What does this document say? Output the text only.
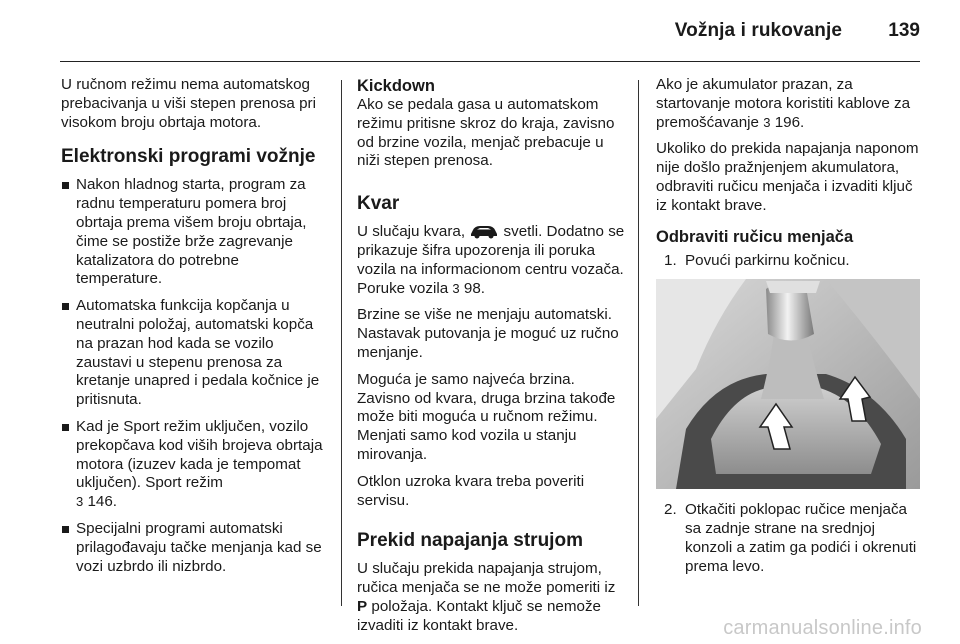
Vožnja i rukovanje 139

U ručnom režimu nema automatskog prebacivanja u viši stepen prenosa pri visokom broju obrtaja motora.

Elektronski programi vožnje
Nakon hladnog starta, program za radnu temperaturu pomera broj obrtaja prema višem broju obrtaja, čime se postiže brže zagrevanje katalizatora do potrebne temperature.
Automatska funkcija kopčanja u neutralni položaj, automatski kopča na prazan hod kada se vozilo zaustavi u stepenu prenosa za kretanje unapred i pedala kočnice je pritisnuta.
Kad je Sport režim uključen, vozilo prekopčava kod viših brojeva obrtaja motora (izuzev kada je tempomat uključen). Sport režim
3 146.
Specijalni programi automatski prilagođavaju tačke menjanja kad se vozi uzbrdo ili nizbrdo.
Kickdown

Ako se pedala gasa u automatskom režimu pritisne skroz do kraja, zavisno od brzine vozila, menjač prebacuje u niži stepen prenosa.

Kvar

U slučaju kvara,	svetli. Dodatno se prikazuje šifra upozorenja ili poruka vozila na informacionom centru vozača. Poruke vozila 3 98.

Brzine se više ne menjaju automatski. Nastavak putovanja je moguć uz ručno menjanje.

Moguća je samo najveća brzina. Zavisno od kvara, druga brzina takođe može biti moguća u ručnom režimu. Menjati samo kod vozila u stanju mirovanja.

Otklon uzroka kvara treba poveriti servisu.

Prekid napajanja strujom

U slučaju prekida napajanja strujom, ručica menjača se ne može pomeriti iz P položaja. Kontakt ključ se nemože izvaditi iz kontakt brave.

Ako je akumulator prazan, za startovanje motora koristiti kablove za premošćavanje 3 196.

Ukoliko do prekida napajanja naponom nije došlo pražnjenjem akumulatora, odbraviti ručicu menjača i izvaditi ključ iz kontakt brave.

Odbraviti ručicu menjača
1. Povući parkirnu kočnicu.
2. Otkačiti poklopac ručice menjača sa zadnje strane na srednjoj konzoli a zatim ga podići i okrenuti prema levo.
carmanualsonline.info
